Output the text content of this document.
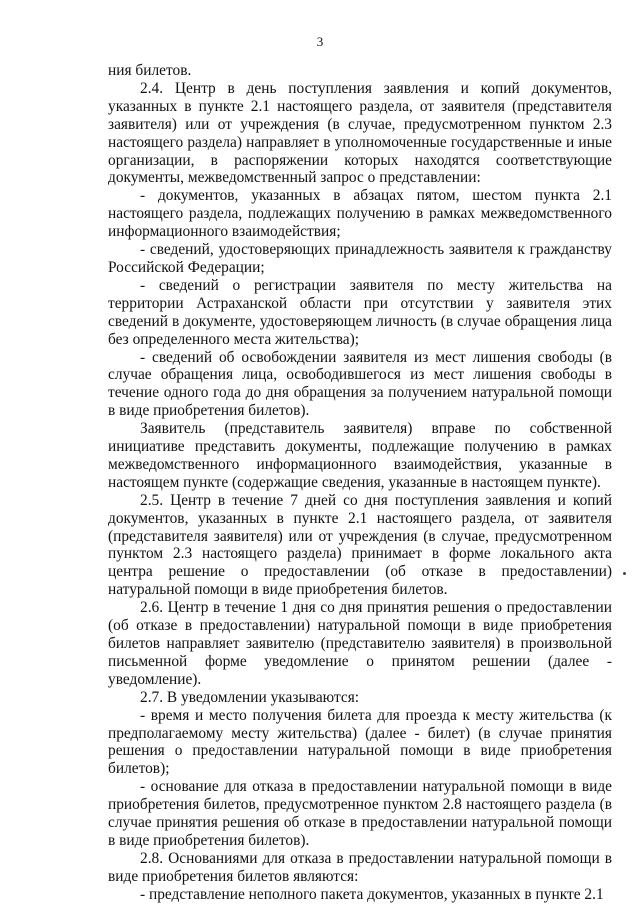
3

ния билетов.

2.4. Центр в день поступления заявления и копий документов, указанных в пункте 2.1 настоящего раздела, от заявителя (представителя заявителя) или от учреждения (в случае, предусмотренном пунктом 2.3 настоящего раздела) направляет в уполномоченные государственные и иные организации, в распоряжении которых находятся соответствующие документы, межведомственный запрос о представлении:

- документов, указанных в абзацах пятом, шестом пункта 2.1 настоящего раздела, подлежащих получению в рамках межведомственного информационного взаимодействия;

- сведений, удостоверяющих принадлежность заявителя к гражданству Российской Федерации;

- сведений о регистрации заявителя по месту жительства на территории Астраханской области при отсутствии у заявителя этих сведений в документе, удостоверяющем личность (в случае обращения лица без определенного места жительства);

- сведений об освобождении заявителя из мест лишения свободы (в случае обращения лица, освободившегося из мест лишения свободы в течение одного года до дня обращения за получением натуральной помощи в виде приобретения билетов).

Заявитель (представитель заявителя) вправе по собственной инициативе представить документы, подлежащие получению в рамках межведомственного информационного взаимодействия, указанные в настоящем пункте (содержащие сведения, указанные в настоящем пункте).

2.5. Центр в течение 7 дней со дня поступления заявления и копий документов, указанных в пункте 2.1 настоящего раздела, от заявителя (представителя заявителя) или от учреждения (в случае, предусмотренном пунктом 2.3 настоящего раздела) принимает в форме локального акта центра решение о предоставлении (об отказе в предоставлении) натуральной помощи в виде приобретения билетов.

2.6. Центр в течение 1 дня со дня принятия решения о предоставлении (об отказе в предоставлении) натуральной помощи в виде приобретения билетов направляет заявителю (представителю заявителя) в произвольной письменной форме уведомление о принятом решении (далее - уведомление).

2.7. В уведомлении указываются:

- время и место получения билета для проезда к месту жительства (к предполагаемому месту жительства) (далее - билет) (в случае принятия решения о предоставлении натуральной помощи в виде приобретения билетов);

- основание для отказа в предоставлении натуральной помощи в виде приобретения билетов, предусмотренное пунктом 2.8 настоящего раздела (в случае принятия решения об отказе в предоставлении натуральной помощи в виде приобретения билетов).

2.8. Основаниями для отказа в предоставлении натуральной помощи в виде приобретения билетов являются:

- представление неполного пакета документов, указанных в пункте 2.1
